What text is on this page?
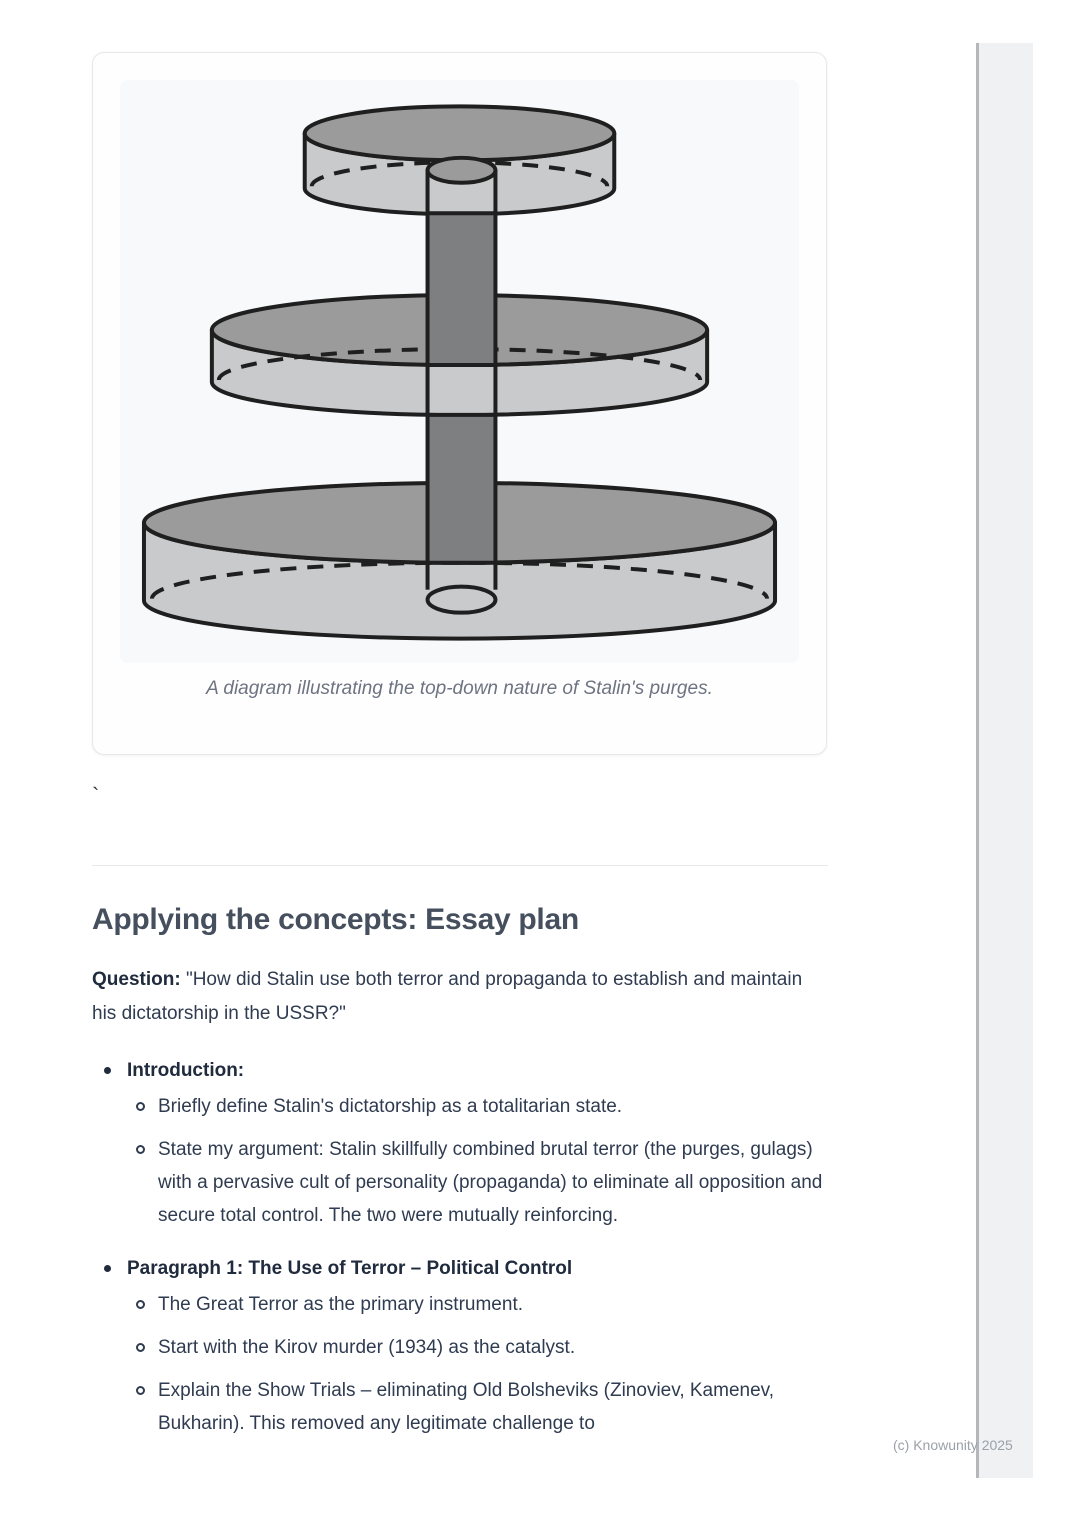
(c) Knowunity 2025
A diagram illustrating the top-down nature of Stalin's purges.
`
Applying the concepts: Essay plan

Question: "How did Stalin use both terror and propaganda to establish and maintain his dictatorship in the USSR?"

Introduction:
Briefly define Stalin's dictatorship as a totalitarian state.
State my argument: Stalin skillfully combined brutal terror (the purges, gulags) with a pervasive cult of personality (propaganda) to eliminate all opposition and secure total control. The two were mutually reinforcing.
Paragraph 1: The Use of Terror – Political Control
The Great Terror as the primary instrument.
Start with the Kirov murder (1934) as the catalyst.
Explain the Show Trials – eliminating Old Bolsheviks (Zinoviev, Kamenev, Bukharin). This removed any legitimate challenge to
